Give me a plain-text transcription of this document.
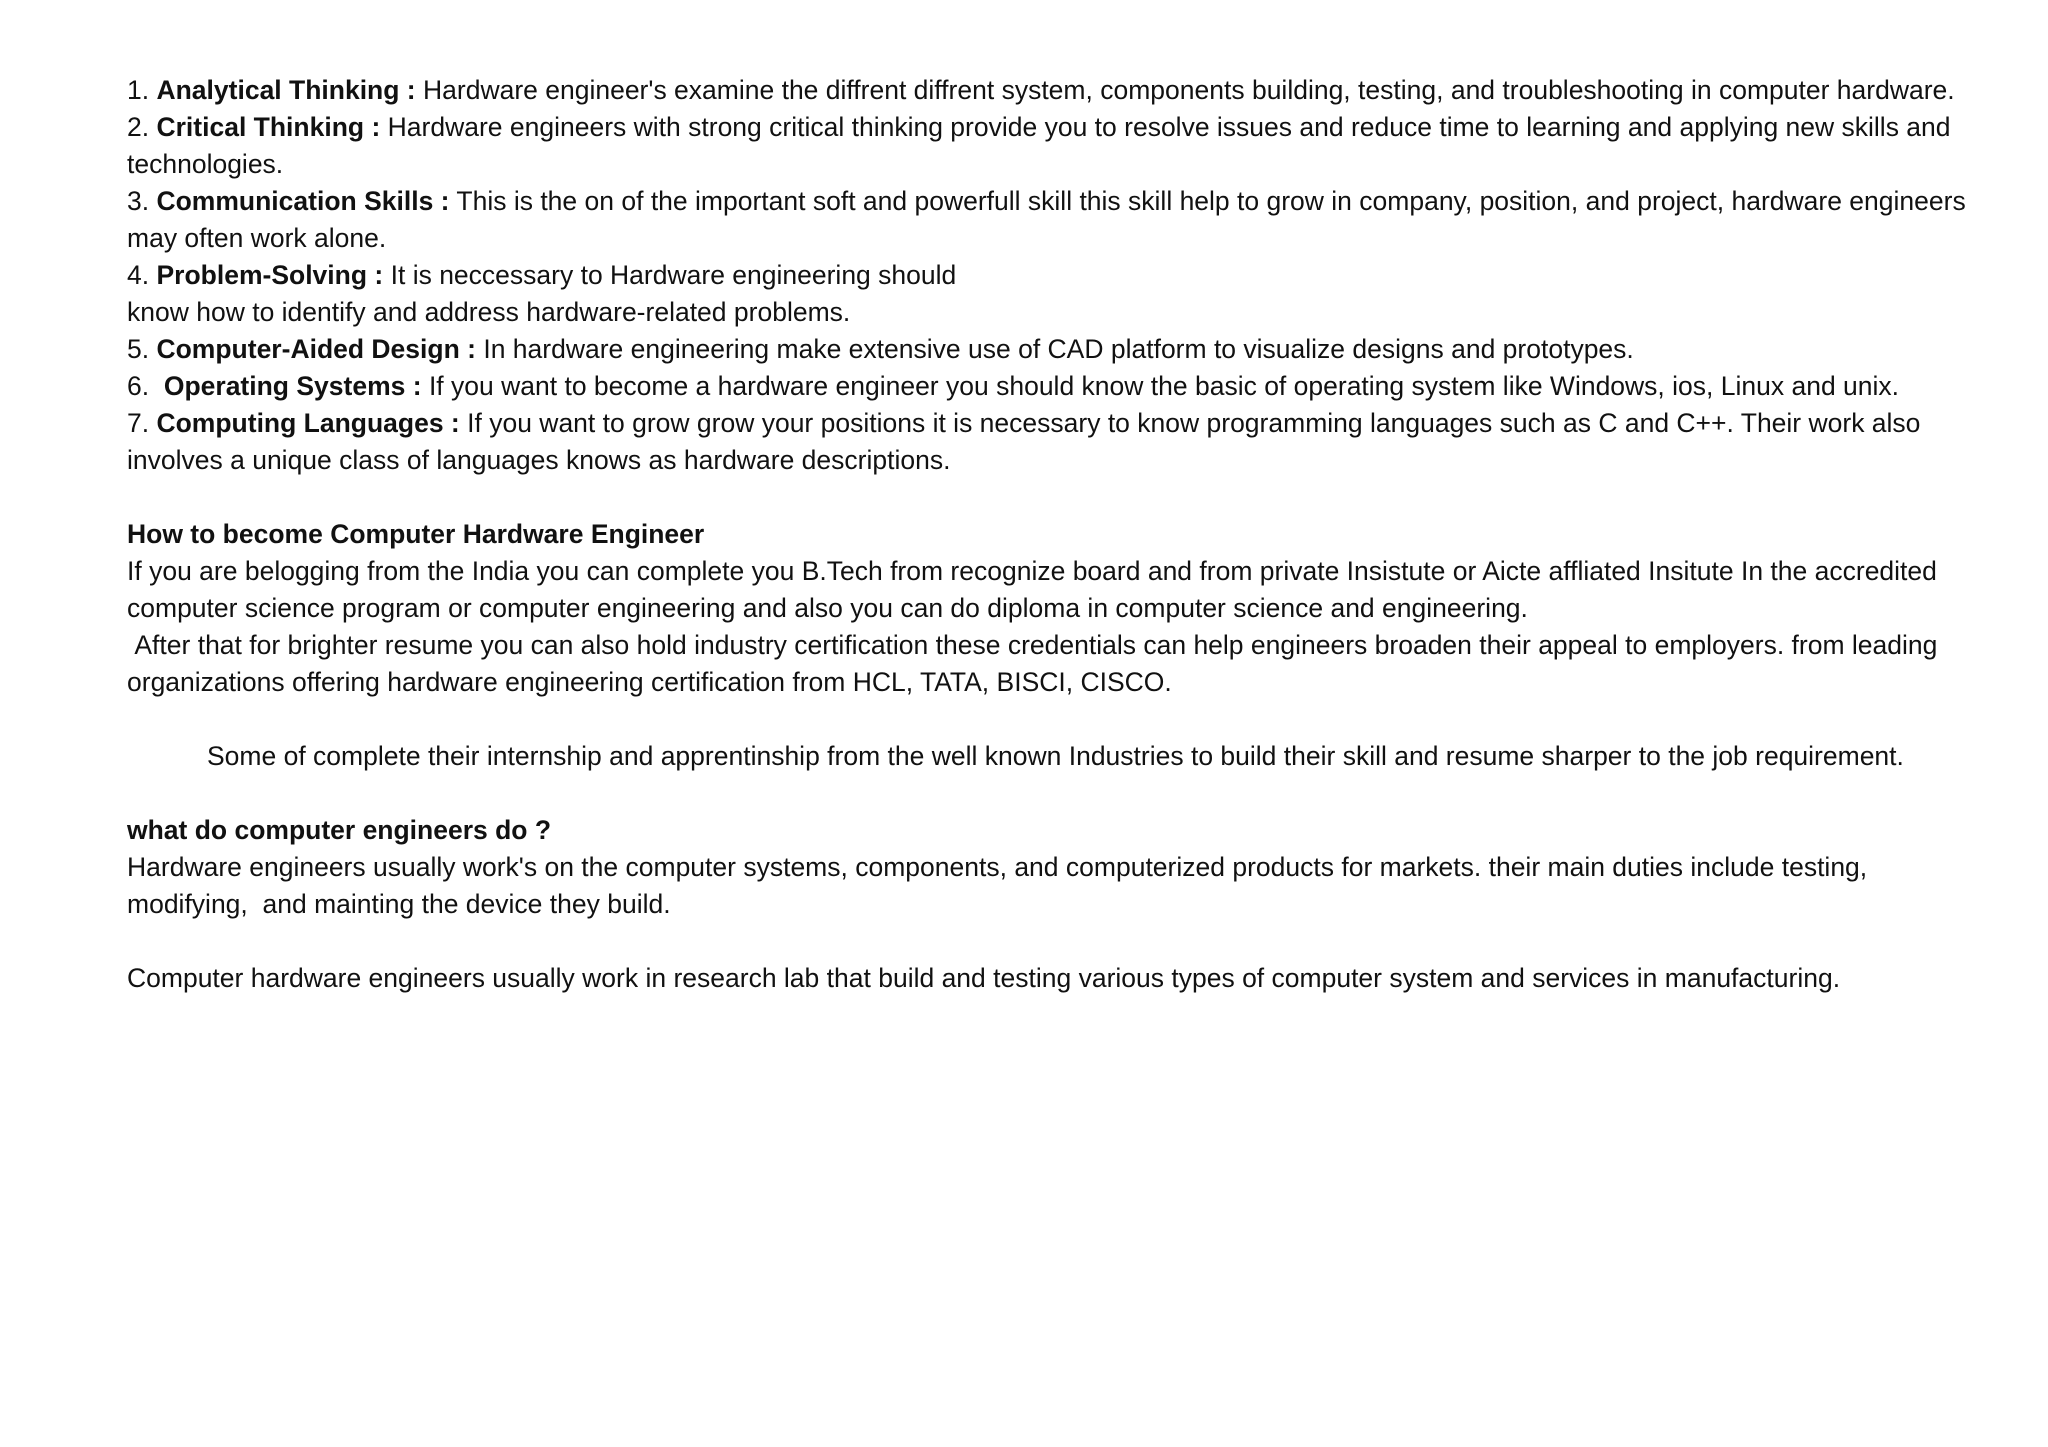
1. Analytical Thinking : Hardware engineer's examine the diffrent diffrent system, components building, testing, and troubleshooting in computer hardware.

2. Critical Thinking : Hardware engineers with strong critical thinking provide you to resolve issues and reduce time to learning and applying new skills and technologies.

3. Communication Skills : This is the on of the important soft and powerfull skill this skill help to grow in company, position, and project, hardware engineers may often work alone.

4. Problem-Solving : It is neccessary to Hardware engineering should

know how to identify and address hardware-related problems.

5. Computer-Aided Design : In hardware engineering make extensive use of CAD platform to visualize designs and prototypes.

6. Operating Systems : If you want to become a hardware engineer you should know the basic of operating system like Windows, ios, Linux and unix.

7. Computing Languages : If you want to grow grow your positions it is necessary to know programming languages such as C and C++. Their work also involves a unique class of languages knows as hardware descriptions.

How to become Computer Hardware Engineer

If you are belogging from the India you can complete you B.Tech from recognize board and from private Insistute or Aicte affliated Insitute In the accredited computer science program or computer engineering and also you can do diploma in computer science and engineering.

After that for brighter resume you can also hold industry certification these credentials can help engineers broaden their appeal to employers. from leading organizations offering hardware engineering certification from HCL, TATA, BISCI, CISCO.

Some of complete their internship and apprentinship from the well known Industries to build their skill and resume sharper to the job requirement.

what do computer engineers do ?

Hardware engineers usually work's on the computer systems, components, and computerized products for markets. their main duties include testing, modifying,  and mainting the device they build.

Computer hardware engineers usually work in research lab that build and testing various types of computer system and services in manufacturing.
